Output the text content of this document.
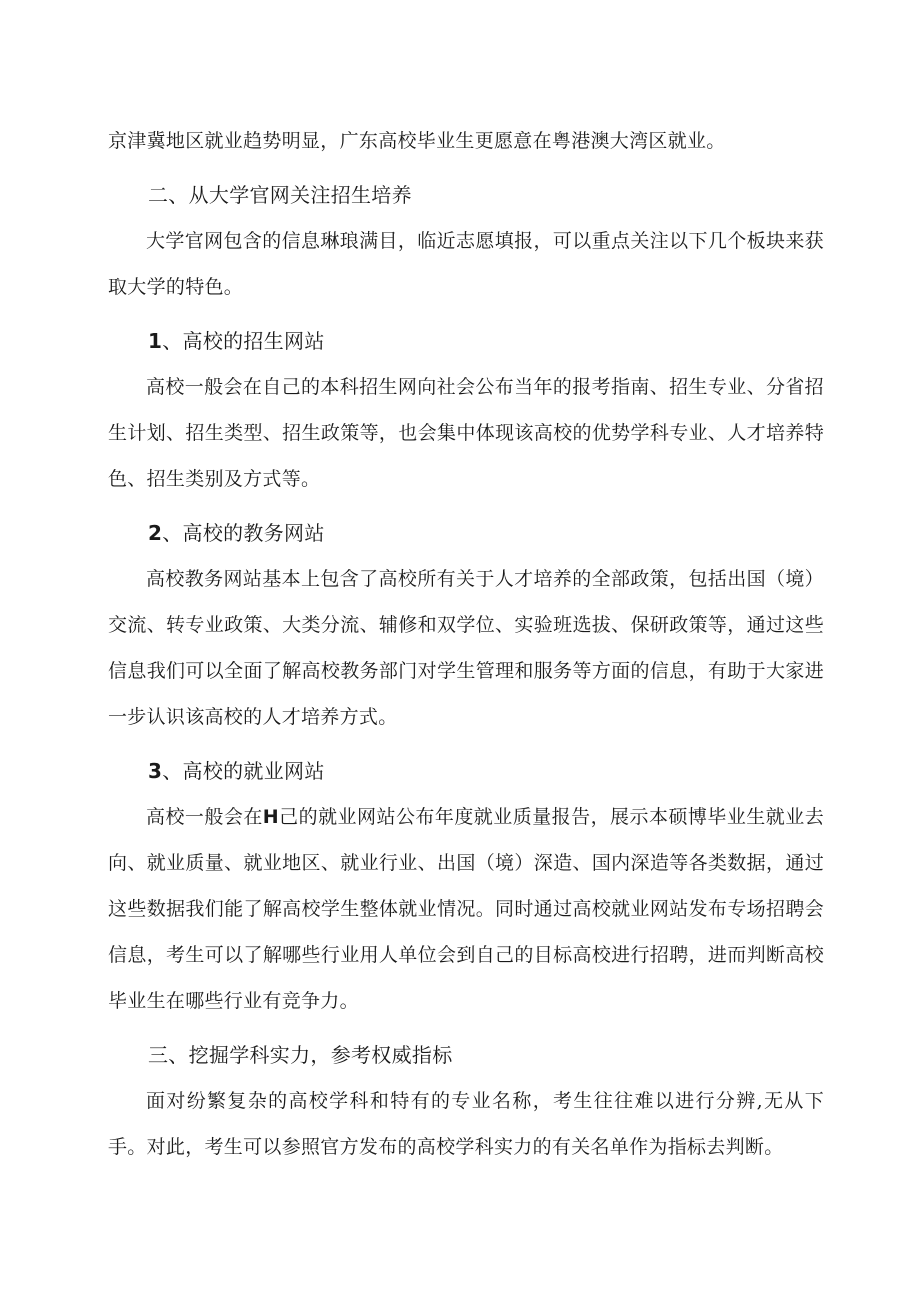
京津冀地区就业趋势明显，广东高校毕业生更愿意在粤港澳大湾区就业。

二、从大学官网关注招生培养

大学官网包含的信息琳琅满目，临近志愿填报，可以重点关注以下几个板块来获取大学的特色。

1、高校的招生网站

高校一般会在自己的本科招生网向社会公布当年的报考指南、招生专业、分省招生计划、招生类型、招生政策等，也会集中体现该高校的优势学科专业、人才培养特色、招生类别及方式等。

2、高校的教务网站

高校教务网站基本上包含了高校所有关于人才培养的全部政策，包括出国（境）交流、转专业政策、大类分流、辅修和双学位、实验班选拔、保研政策等，通过这些信息我们可以全面了解高校教务部门对学生管理和服务等方面的信息，有助于大家进一步认识该高校的人才培养方式。

3、高校的就业网站

高校一般会在H己的就业网站公布年度就业质量报告，展示本硕博毕业生就业去向、就业质量、就业地区、就业行业、出国（境）深造、国内深造等各类数据，通过这些数据我们能了解高校学生整体就业情况。同时通过高校就业网站发布专场招聘会信息，考生可以了解哪些行业用人单位会到自己的目标高校进行招聘，进而判断高校毕业生在哪些行业有竞争力。

三、挖掘学科实力，参考权威指标

面对纷繁复杂的高校学科和特有的专业名称，考生往往难以进行分辨,无从下手。对此，考生可以参照官方发布的高校学科实力的有关名单作为指标去判断。
